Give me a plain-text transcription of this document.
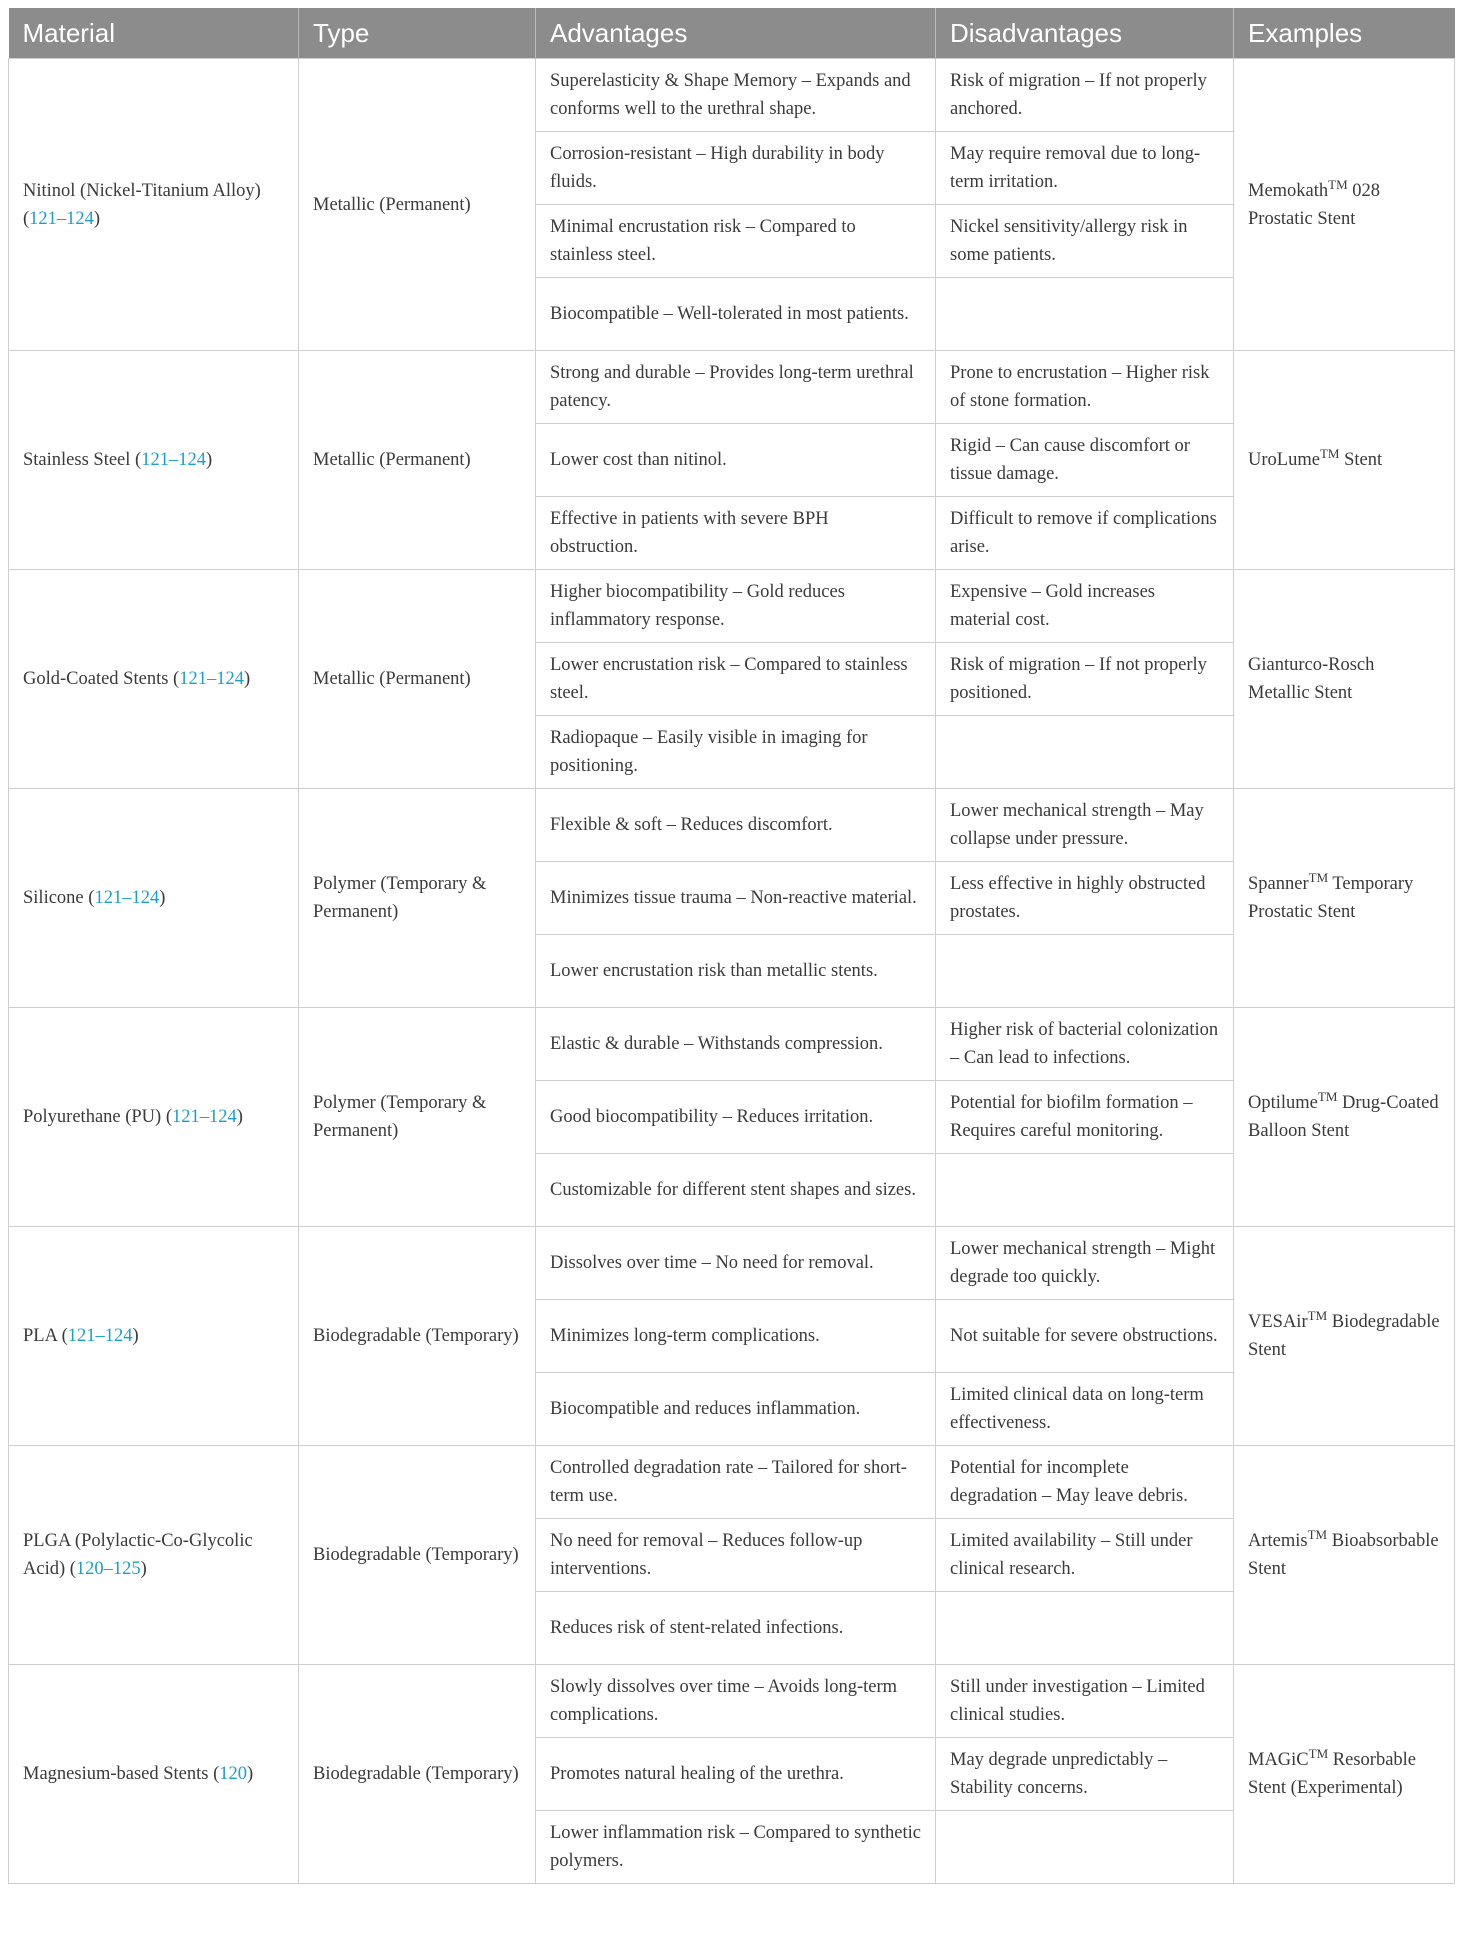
Material	Type	Advantages	Disadvantages	Examples
Nitinol (Nickel-Titanium Alloy) (121–124)	Metallic (Permanent)	Superelasticity & Shape Memory – Expands and conforms well to the urethral shape.	Risk of migration – If not properly anchored.	Memokath™ 028 Prostatic Stent
		Corrosion-resistant – High durability in body fluids.	May require removal due to long-term irritation.	
		Minimal encrustation risk – Compared to stainless steel.	Nickel sensitivity/allergy risk in some patients.	
		Biocompatible – Well-tolerated in most patients.		
Stainless Steel (121–124)	Metallic (Permanent)	Strong and durable – Provides long-term urethral patency.	Prone to encrustation – Higher risk of stone formation.	UroLume™ Stent
		Lower cost than nitinol.	Rigid – Can cause discomfort or tissue damage.	
		Effective in patients with severe BPH obstruction.	Difficult to remove if complications arise.	
Gold-Coated Stents (121–124)	Metallic (Permanent)	Higher biocompatibility – Gold reduces inflammatory response.	Expensive – Gold increases material cost.	Gianturco-Rosch Metallic Stent
		Lower encrustation risk – Compared to stainless steel.	Risk of migration – If not properly positioned.	
		Radiopaque – Easily visible in imaging for positioning.		
Silicone (121–124)	Polymer (Temporary & Permanent)	Flexible & soft – Reduces discomfort.	Lower mechanical strength – May collapse under pressure.	Spanner™ Temporary Prostatic Stent
		Minimizes tissue trauma – Non-reactive material.	Less effective in highly obstructed prostates.	
		Lower encrustation risk than metallic stents.		
Polyurethane (PU) (121–124)	Polymer (Temporary & Permanent)	Elastic & durable – Withstands compression.	Higher risk of bacterial colonization – Can lead to infections.	Optilume™ Drug-Coated Balloon Stent
		Good biocompatibility – Reduces irritation.	Potential for biofilm formation – Requires careful monitoring.	
		Customizable for different stent shapes and sizes.		
PLA (121–124)	Biodegradable (Temporary)	Dissolves over time – No need for removal.	Lower mechanical strength – Might degrade too quickly.	VESAir™ Biodegradable Stent
		Minimizes long-term complications.	Not suitable for severe obstructions.	
		Biocompatible and reduces inflammation.	Limited clinical data on long-term effectiveness.	
PLGA (Polylactic-Co-Glycolic Acid) (120–125)	Biodegradable (Temporary)	Controlled degradation rate – Tailored for short-term use.	Potential for incomplete degradation – May leave debris.	Artemis™ Bioabsorbable Stent
		No need for removal – Reduces follow-up interventions.	Limited availability – Still under clinical research.	
		Reduces risk of stent-related infections.		
Magnesium-based Stents (120)	Biodegradable (Temporary)	Slowly dissolves over time – Avoids long-term complications.	Still under investigation – Limited clinical studies.	MAGiC™ Resorbable Stent (Experimental)
		Promotes natural healing of the urethra.	May degrade unpredictably – Stability concerns.	
		Lower inflammation risk – Compared to synthetic polymers.		
